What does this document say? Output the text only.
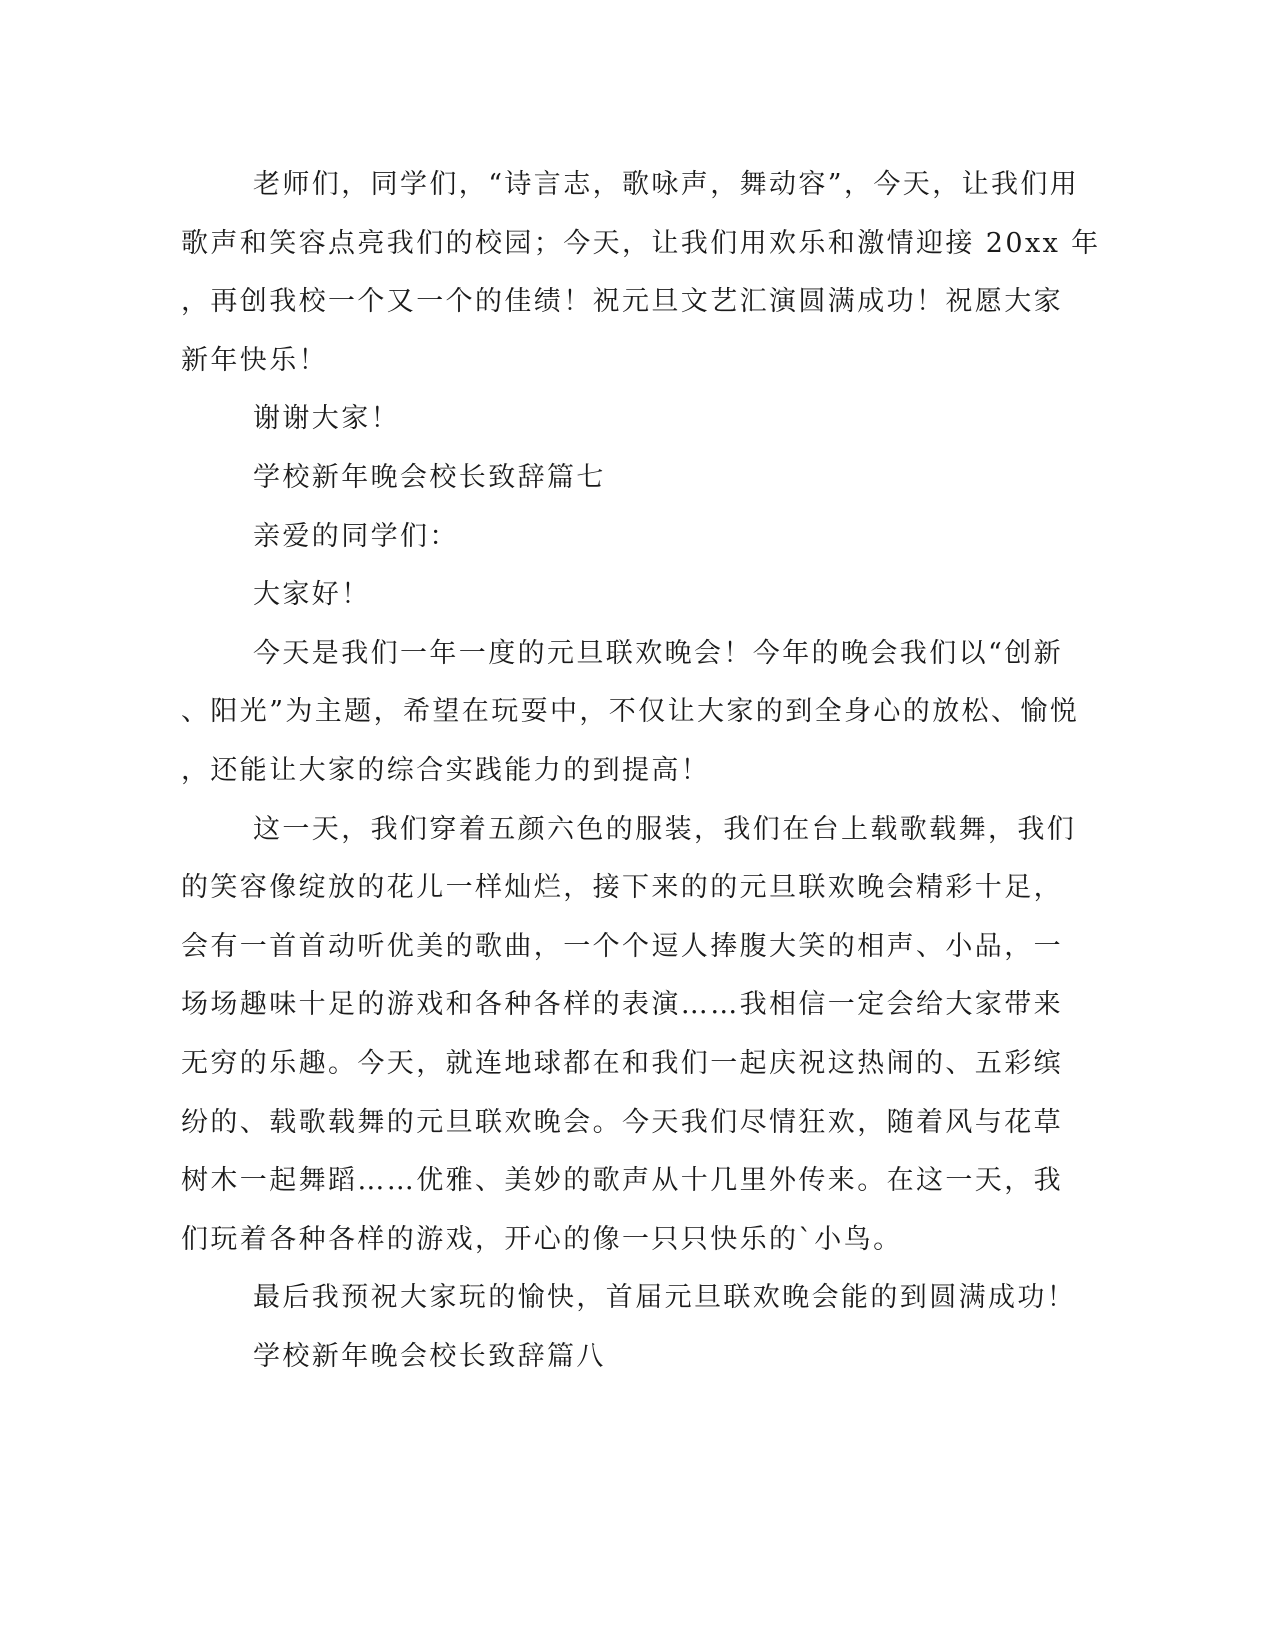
老师们，同学们，“诗言志，歌咏声，舞动容”，今天，让我们用
歌声和笑容点亮我们的校园；今天，让我们用欢乐和激情迎接 20xx 年
，再创我校一个又一个的佳绩！祝元旦文艺汇演圆满成功！祝愿大家
新年快乐！
谢谢大家！
学校新年晚会校长致辞篇七
亲爱的同学们：
大家好！
今天是我们一年一度的元旦联欢晚会！今年的晚会我们以“创新
、阳光”为主题，希望在玩耍中，不仅让大家的到全身心的放松、愉悦
，还能让大家的综合实践能力的到提高！
这一天，我们穿着五颜六色的服装，我们在台上载歌载舞，我们
的笑容像绽放的花儿一样灿烂，接下来的的元旦联欢晚会精彩十足，
会有一首首动听优美的歌曲，一个个逗人捧腹大笑的相声、小品，一
场场趣味十足的游戏和各种各样的表演……我相信一定会给大家带来
无穷的乐趣。今天，就连地球都在和我们一起庆祝这热闹的、五彩缤
纷的、载歌载舞的元旦联欢晚会。今天我们尽情狂欢，随着风与花草
树木一起舞蹈……优雅、美妙的歌声从十几里外传来。在这一天，我
们玩着各种各样的游戏，开心的像一只只快乐的`小鸟。
最后我预祝大家玩的愉快，首届元旦联欢晚会能的到圆满成功！
学校新年晚会校长致辞篇八
